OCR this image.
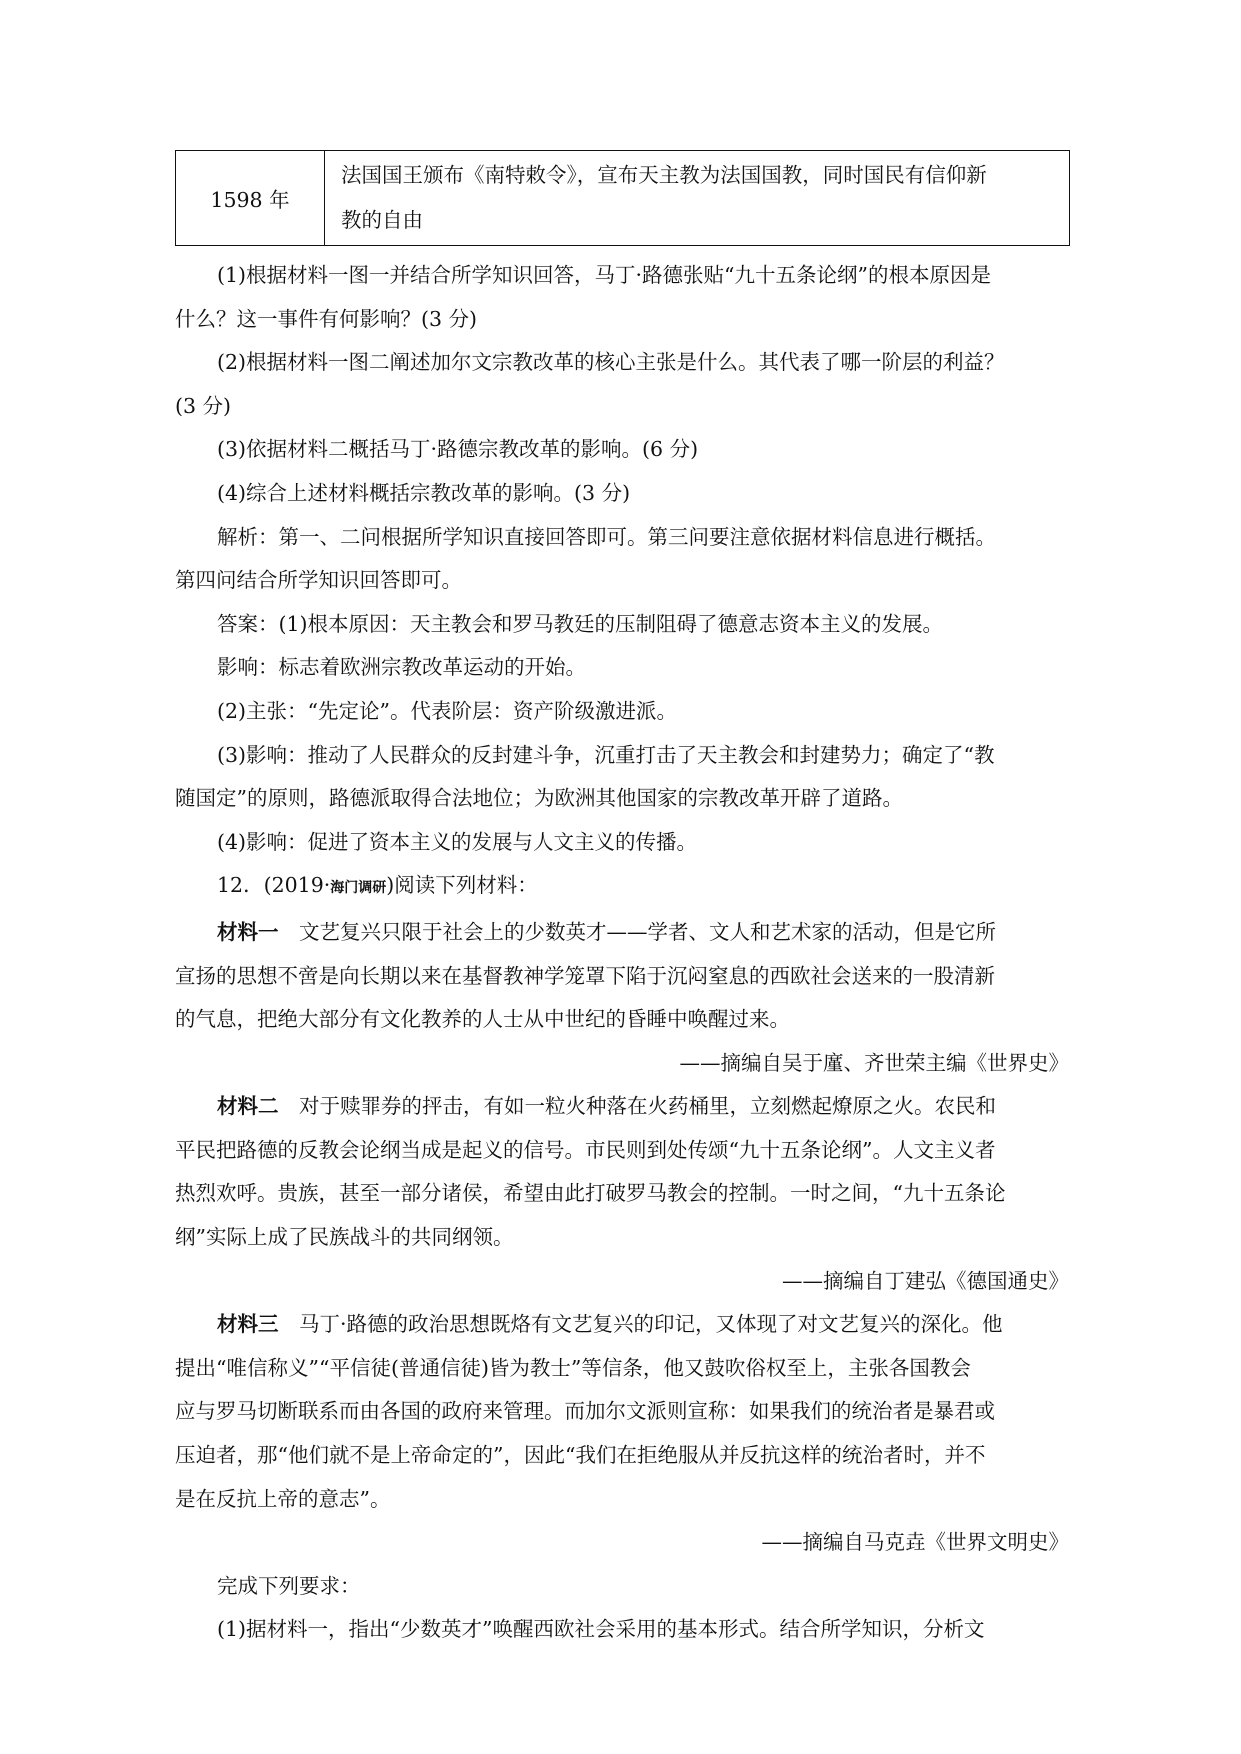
1598 年	
法国国王颁布《南特敕令》，宣布天主教为法国国教，同时国民有信仰新
教的自由
(1)根据材料一图一并结合所学知识回答，马丁·路德张贴“九十五条论纲”的根本原因是
什么？这一事件有何影响？(3 分)
(2)根据材料一图二阐述加尔文宗教改革的核心主张是什么。其代表了哪一阶层的利益？
(3 分)
(3)依据材料二概括马丁·路德宗教改革的影响。(6 分)
(4)综合上述材料概括宗教改革的影响。(3 分)
解析：第一、二问根据所学知识直接回答即可。第三问要注意依据材料信息进行概括。
第四问结合所学知识回答即可。
答案：(1)根本原因：天主教会和罗马教廷的压制阻碍了德意志资本主义的发展。
影响：标志着欧洲宗教改革运动的开始。
(2)主张：“先定论”。代表阶层：资产阶级激进派。
(3)影响：推动了人民群众的反封建斗争，沉重打击了天主教会和封建势力；确定了“教
随国定”的原则，路德派取得合法地位；为欧洲其他国家的宗教改革开辟了道路。
(4)影响：促进了资本主义的发展与人文主义的传播。
12．(2019·海门调研)阅读下列材料：
材料一　文艺复兴只限于社会上的少数英才——学者、文人和艺术家的活动，但是它所
宣扬的思想不啻是向长期以来在基督教神学笼罩下陷于沉闷窒息的西欧社会送来的一股清新
的气息，把绝大部分有文化教养的人士从中世纪的昏睡中唤醒过来。
——摘编自吴于廑、齐世荣主编《世界史》
材料二　对于赎罪券的抨击，有如一粒火种落在火药桶里，立刻燃起燎原之火。农民和
平民把路德的反教会论纲当成是起义的信号。市民则到处传颂“九十五条论纲”。人文主义者
热烈欢呼。贵族，甚至一部分诸侯，希望由此打破罗马教会的控制。一时之间，“九十五条论
纲”实际上成了民族战斗的共同纲领。
——摘编自丁建弘《德国通史》
材料三　马丁·路德的政治思想既烙有文艺复兴的印记，又体现了对文艺复兴的深化。他
提出“唯信称义”“平信徒(普通信徒)皆为教士”等信条，他又鼓吹俗权至上，主张各国教会
应与罗马切断联系而由各国的政府来管理。而加尔文派则宣称：如果我们的统治者是暴君或
压迫者，那“他们就不是上帝命定的”，因此“我们在拒绝服从并反抗这样的统治者时，并不
是在反抗上帝的意志”。
——摘编自马克垚《世界文明史》
完成下列要求：
(1)据材料一，指出“少数英才”唤醒西欧社会采用的基本形式。结合所学知识，分析文
